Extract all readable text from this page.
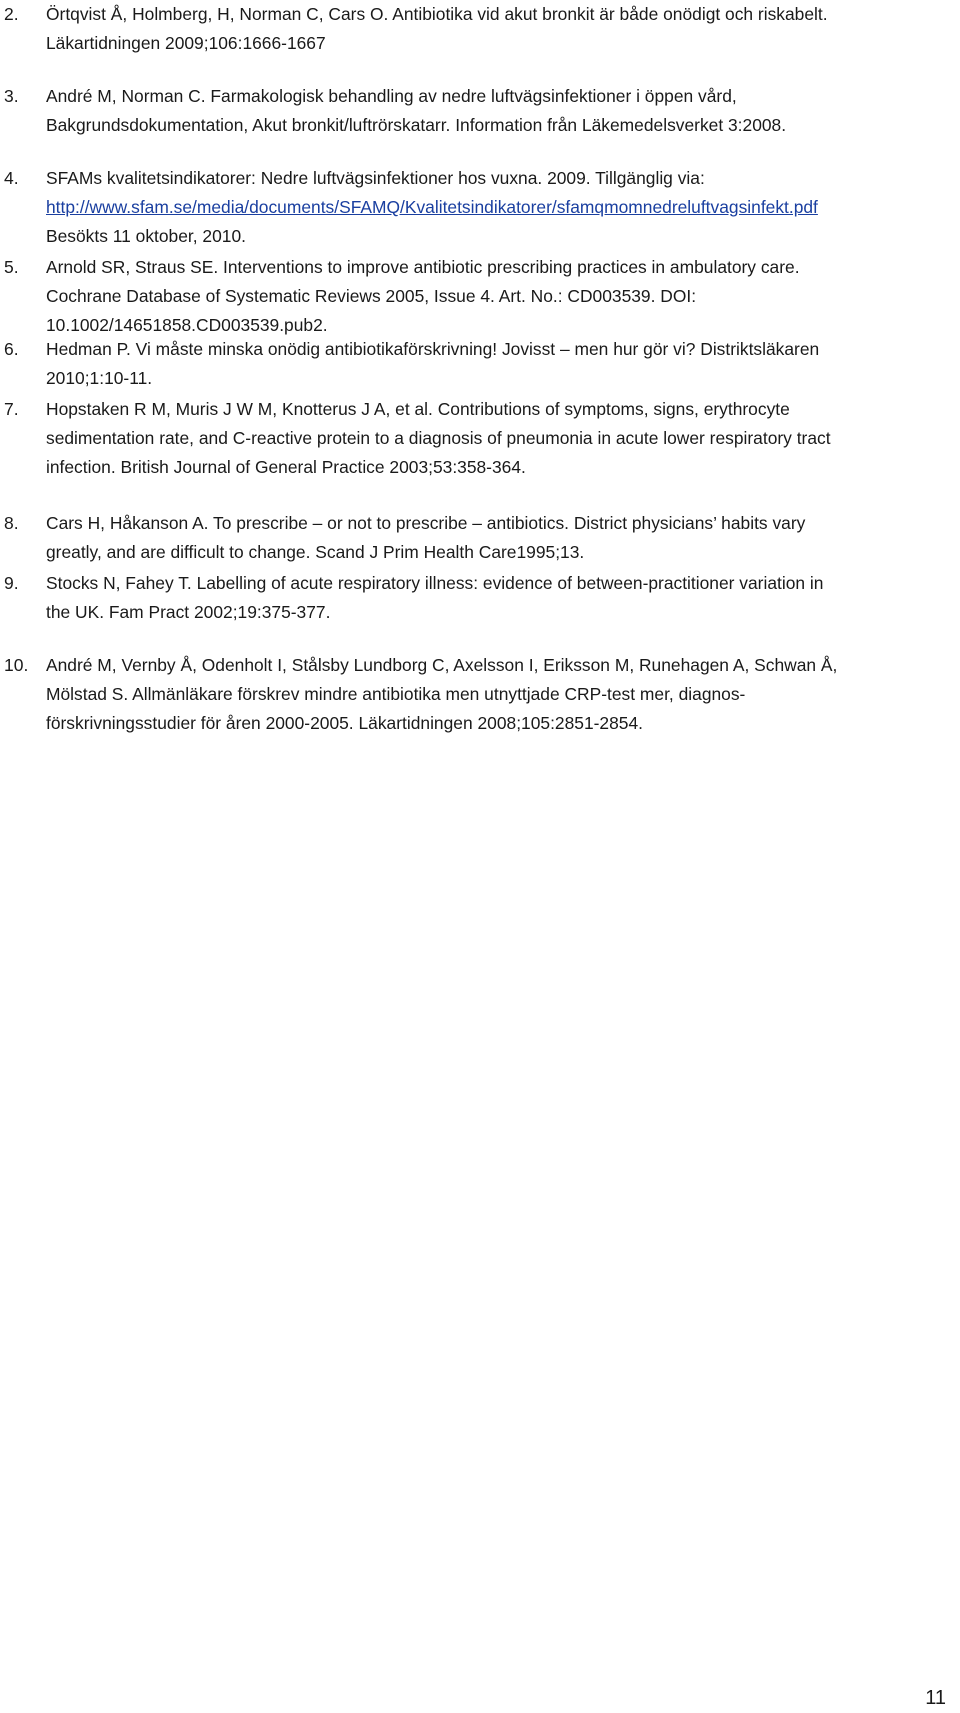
2. Örtqvist Å, Holmberg, H, Norman C, Cars O. Antibiotika vid akut bronkit är både onödigt och riskabelt.
Läkartidningen 2009;106:1666-1667
3. André M, Norman C. Farmakologisk behandling av nedre luftvägsinfektioner i öppen vård,
Bakgrundsdokumentation, Akut bronkit/luftrörskatarr. Information från Läkemedelsverket 3:2008.
4. SFAMs kvalitetsindikatorer: Nedre luftvägsinfektioner hos vuxna. 2009. Tillgänglig via:
http://www.sfam.se/media/documents/SFAMQ/Kvalitetsindikatorer/sfamqmomnedreluftvagsinfekt.pdf
Besökts 11 oktober, 2010.
5. Arnold SR, Straus SE. Interventions to improve antibiotic prescribing practices in ambulatory care.
Cochrane Database of Systematic Reviews 2005, Issue 4. Art. No.: CD003539. DOI:
10.1002/14651858.CD003539.pub2.
6. Hedman P. Vi måste minska onödig antibiotikaförskrivning! Jovisst – men hur gör vi? Distriktsläkaren
2010;1:10-11.
7. Hopstaken R M, Muris J W M, Knotterus J A, et al. Contributions of symptoms, signs, erythrocyte
sedimentation rate, and C-reactive protein to a diagnosis of pneumonia in acute lower respiratory tract
infection. British Journal of General Practice 2003;53:358-364.
8. Cars H, Håkanson A. To prescribe – or not to prescribe – antibiotics. District physicians’ habits vary
greatly, and are difficult to change. Scand J Prim Health Care1995;13.
9. Stocks N, Fahey T. Labelling of acute respiratory illness: evidence of between-practitioner variation in
the UK. Fam Pract 2002;19:375-377.
10. André M, Vernby Å, Odenholt I, Stålsby Lundborg C, Axelsson I, Eriksson M, Runehagen A, Schwan Å,
Mölstad S. Allmänläkare förskrev mindre antibiotika men utnyttjade CRP-test mer, diagnos-
förskrivningsstudier för åren 2000-2005. Läkartidningen 2008;105:2851-2854.
11
